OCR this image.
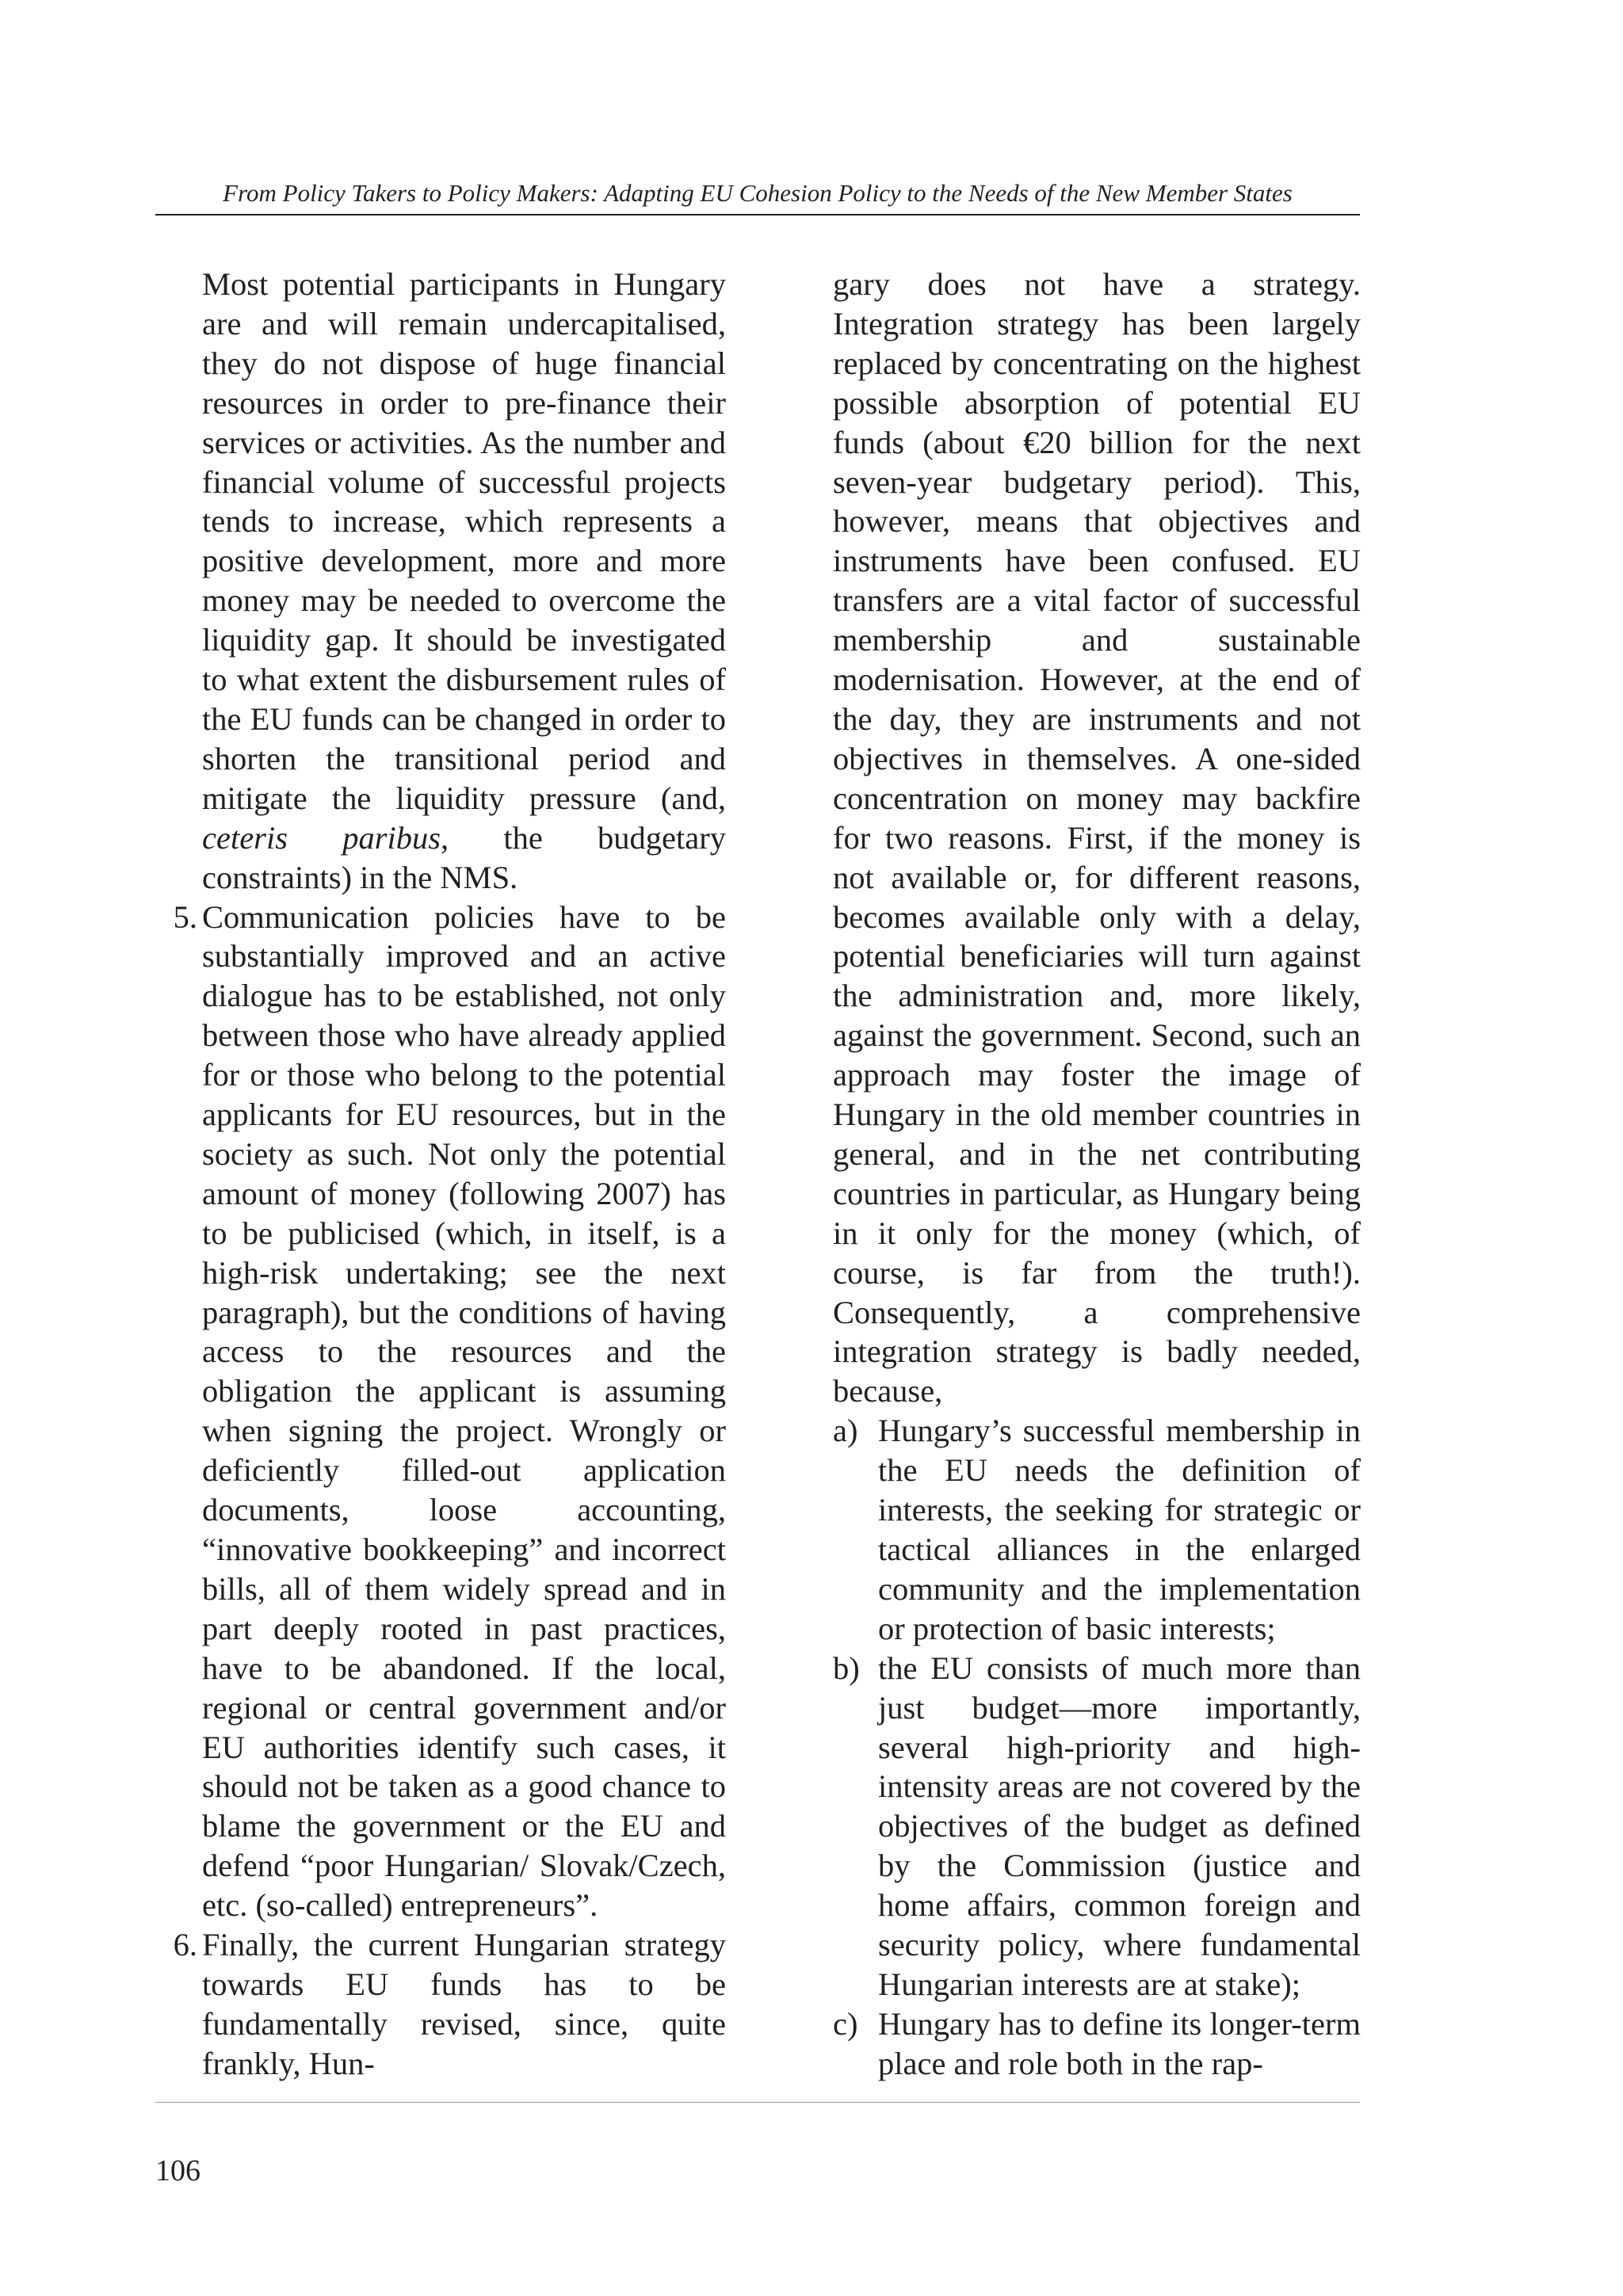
From Policy Takers to Policy Makers: Adapting EU Cohesion Policy to the Needs of the New Member States

Most potential participants in Hungary are and will remain undercapitalised, they do not dispose of huge financial resources in order to pre-finance their services or activities. As the number and financial volume of successful projects tends to increase, which represents a positive development, more and more money may be needed to overcome the liquidity gap. It should be investigated to what extent the disbursement rules of the EU funds can be changed in order to shorten the transitional period and mitigate the liquidity pressure (and, ceteris paribus, the budgetary constraints) in the NMS.

5. Communication policies have to be substantially improved and an active dialogue has to be established, not only between those who have already applied for or those who belong to the potential applicants for EU resources, but in the society as such. Not only the potential amount of money (following 2007) has to be publicised (which, in itself, is a high-risk undertaking; see the next paragraph), but the conditions of having access to the resources and the obligation the applicant is assuming when signing the project. Wrongly or deficiently filled-out application documents, loose accounting, “innovative bookkeeping” and incorrect bills, all of them widely spread and in part deeply rooted in past practices, have to be abandoned. If the local, regional or central government and/or EU authorities identify such cases, it should not be taken as a good chance to blame the government or the EU and defend “poor Hungarian/ Slovak/Czech, etc. (so-called) entrepreneurs”.

6. Finally, the current Hungarian strategy towards EU funds has to be fundamentally revised, since, quite frankly, Hun-

gary does not have a strategy. Integration strategy has been largely replaced by concentrating on the highest possible absorption of potential EU funds (about €20 billion for the next seven-year budgetary period). This, however, means that objectives and instruments have been confused. EU transfers are a vital factor of successful membership and sustainable modernisation. However, at the end of the day, they are instruments and not objectives in themselves. A one-sided concentration on money may backfire for two reasons. First, if the money is not available or, for different reasons, becomes available only with a delay, potential beneficiaries will turn against the administration and, more likely, against the government. Second, such an approach may foster the image of Hungary in the old member countries in general, and in the net contributing countries in particular, as Hungary being in it only for the money (which, of course, is far from the truth!). Consequently, a comprehensive integration strategy is badly needed, because,

a) Hungary’s successful membership in the EU needs the definition of interests, the seeking for strategic or tactical alliances in the enlarged community and the implementation or protection of basic interests;

b) the EU consists of much more than just budget—more importantly, several high-priority and high-intensity areas are not covered by the objectives of the budget as defined by the Commission (justice and home affairs, common foreign and security policy, where fundamental Hungarian interests are at stake);

c) Hungary has to define its longer-term place and role both in the rap-

106
